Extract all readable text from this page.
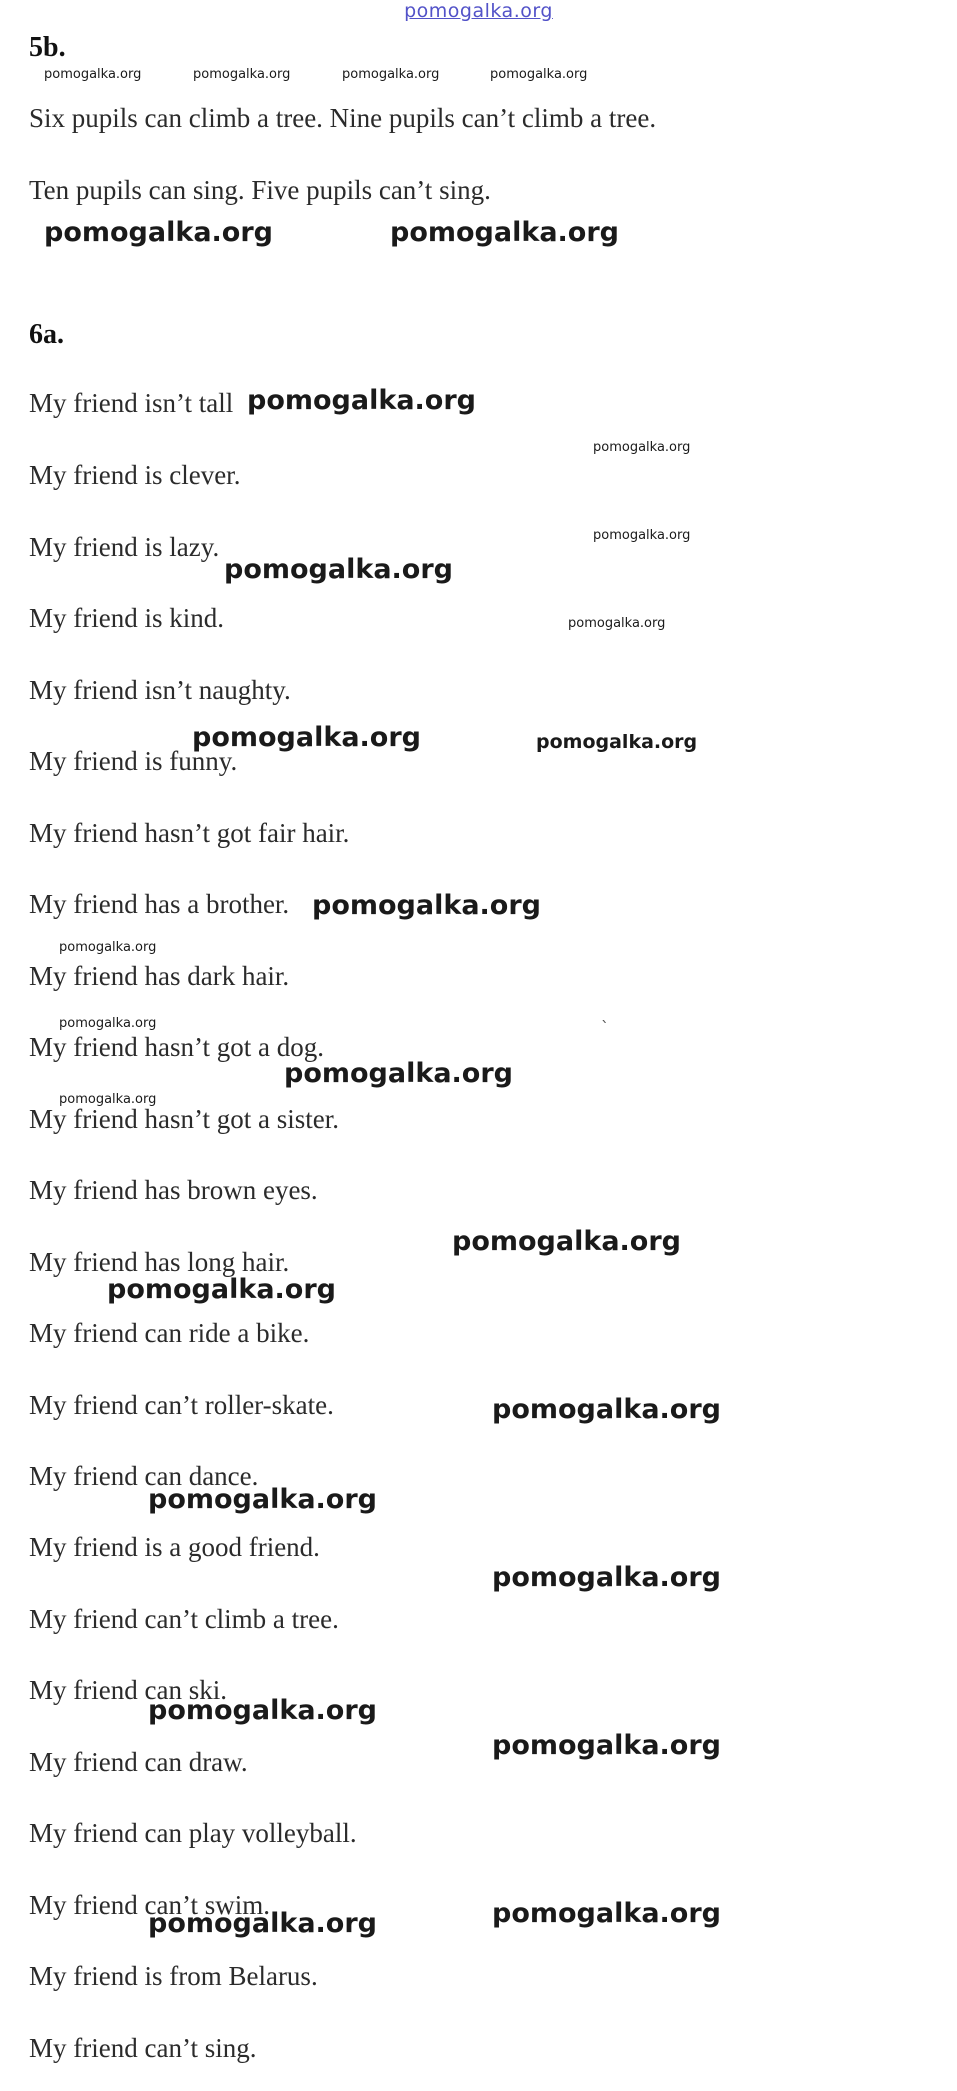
pomogalka.org
5b.
pomogalka.org	pomogalka.org	pomogalka.org	pomogalka.org
Six pupils can climb a tree. Nine pupils can’t climb a tree.
Ten pupils can sing. Five pupils can’t sing.
pomogalka.org	pomogalka.org
6a.
My friend isn’t tall
My friend is clever.
My friend is lazy.
My friend is kind.
My friend isn’t naughty.
My friend is funny.
My friend hasn’t got fair hair.
My friend has a brother.
My friend has dark hair.
My friend hasn’t got a dog.
My friend hasn’t got a sister.
My friend has brown eyes.
My friend has long hair.
My friend can ride a bike.
My friend can’t roller-skate.
My friend can dance.
My friend is a good friend.
My friend can’t climb a tree.
My friend can ski.
My friend can draw.
My friend can play volleyball.
My friend can’t swim.
My friend is from Belarus.
My friend can’t sing.
pomogalka.org
pomogalka.org
pomogalka.org
pomogalka.org
pomogalka.org
pomogalka.org	pomogalka.org
pomogalka.org
pomogalka.org
pomogalka.org	`
pomogalka.org
pomogalka.org
pomogalka.org
pomogalka.org
pomogalka.org
pomogalka.org
pomogalka.org
pomogalka.org
pomogalka.org
pomogalka.org
pomogalka.org
